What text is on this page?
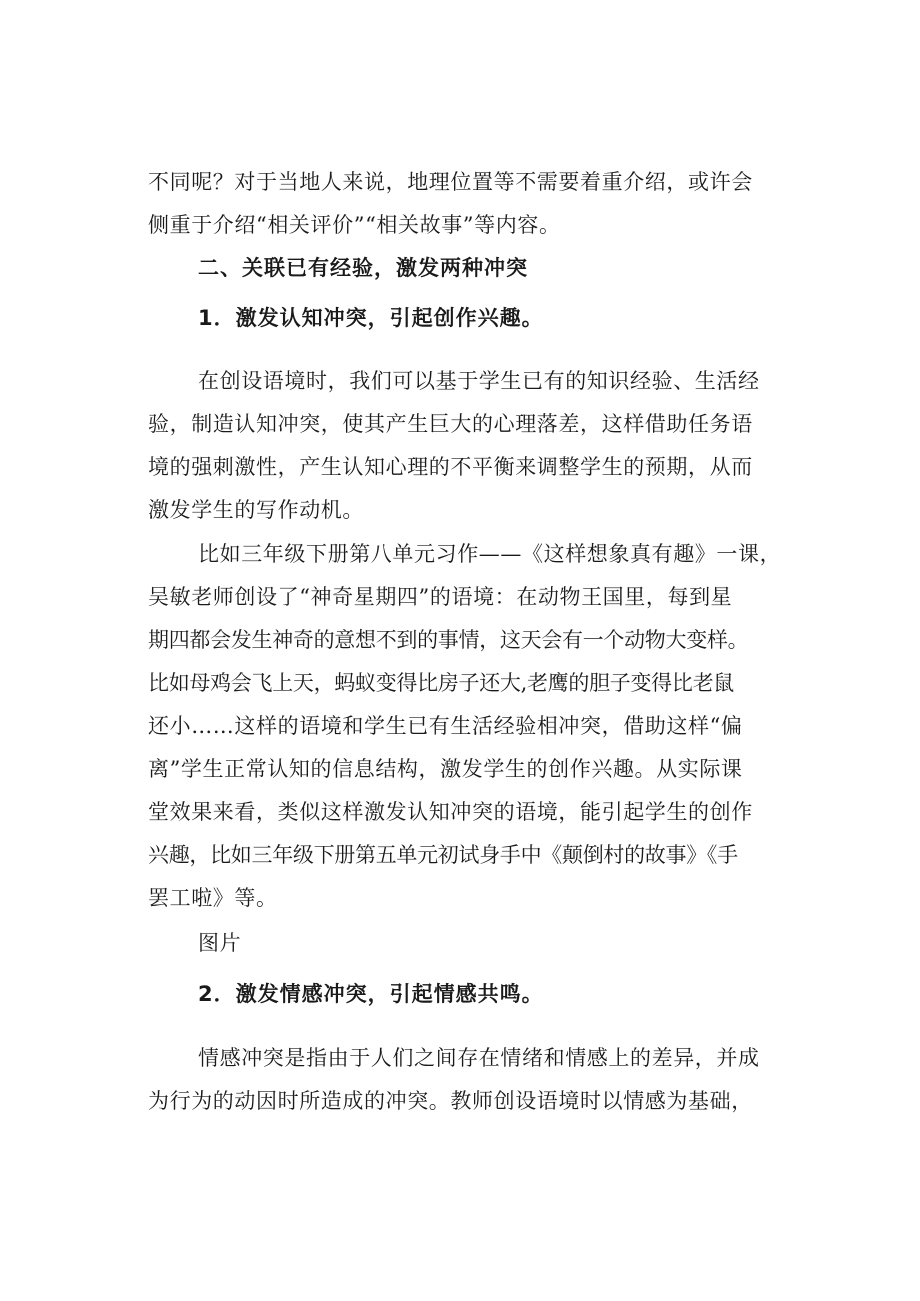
不同呢？对于当地人来说，地理位置等不需要着重介绍，或许会
侧重于介绍“相关评价”“相关故事”等内容。
二、关联已有经验，激发两种冲突
1．激发认知冲突，引起创作兴趣。
在创设语境时，我们可以基于学生已有的知识经验、生活经
验，制造认知冲突，使其产生巨大的心理落差，这样借助任务语
境的强刺激性，产生认知心理的不平衡来调整学生的预期，从而
激发学生的写作动机。
比如三年级下册第八单元习作——《这样想象真有趣》一课，
吴敏老师创设了“神奇星期四”的语境：在动物王国里，每到星
期四都会发生神奇的意想不到的事情，这天会有一个动物大变样。
比如母鸡会飞上天，蚂蚁变得比房子还大,老鹰的胆子变得比老鼠
还小……这样的语境和学生已有生活经验相冲突，借助这样“偏
离”学生正常认知的信息结构，激发学生的创作兴趣。从实际课
堂效果来看，类似这样激发认知冲突的语境，能引起学生的创作
兴趣，比如三年级下册第五单元初试身手中《颠倒村的故事》《手
罢工啦》等。
图片
2．激发情感冲突，引起情感共鸣。
情感冲突是指由于人们之间存在情绪和情感上的差异，并成
为行为的动因时所造成的冲突。教师创设语境时以情感为基础，
